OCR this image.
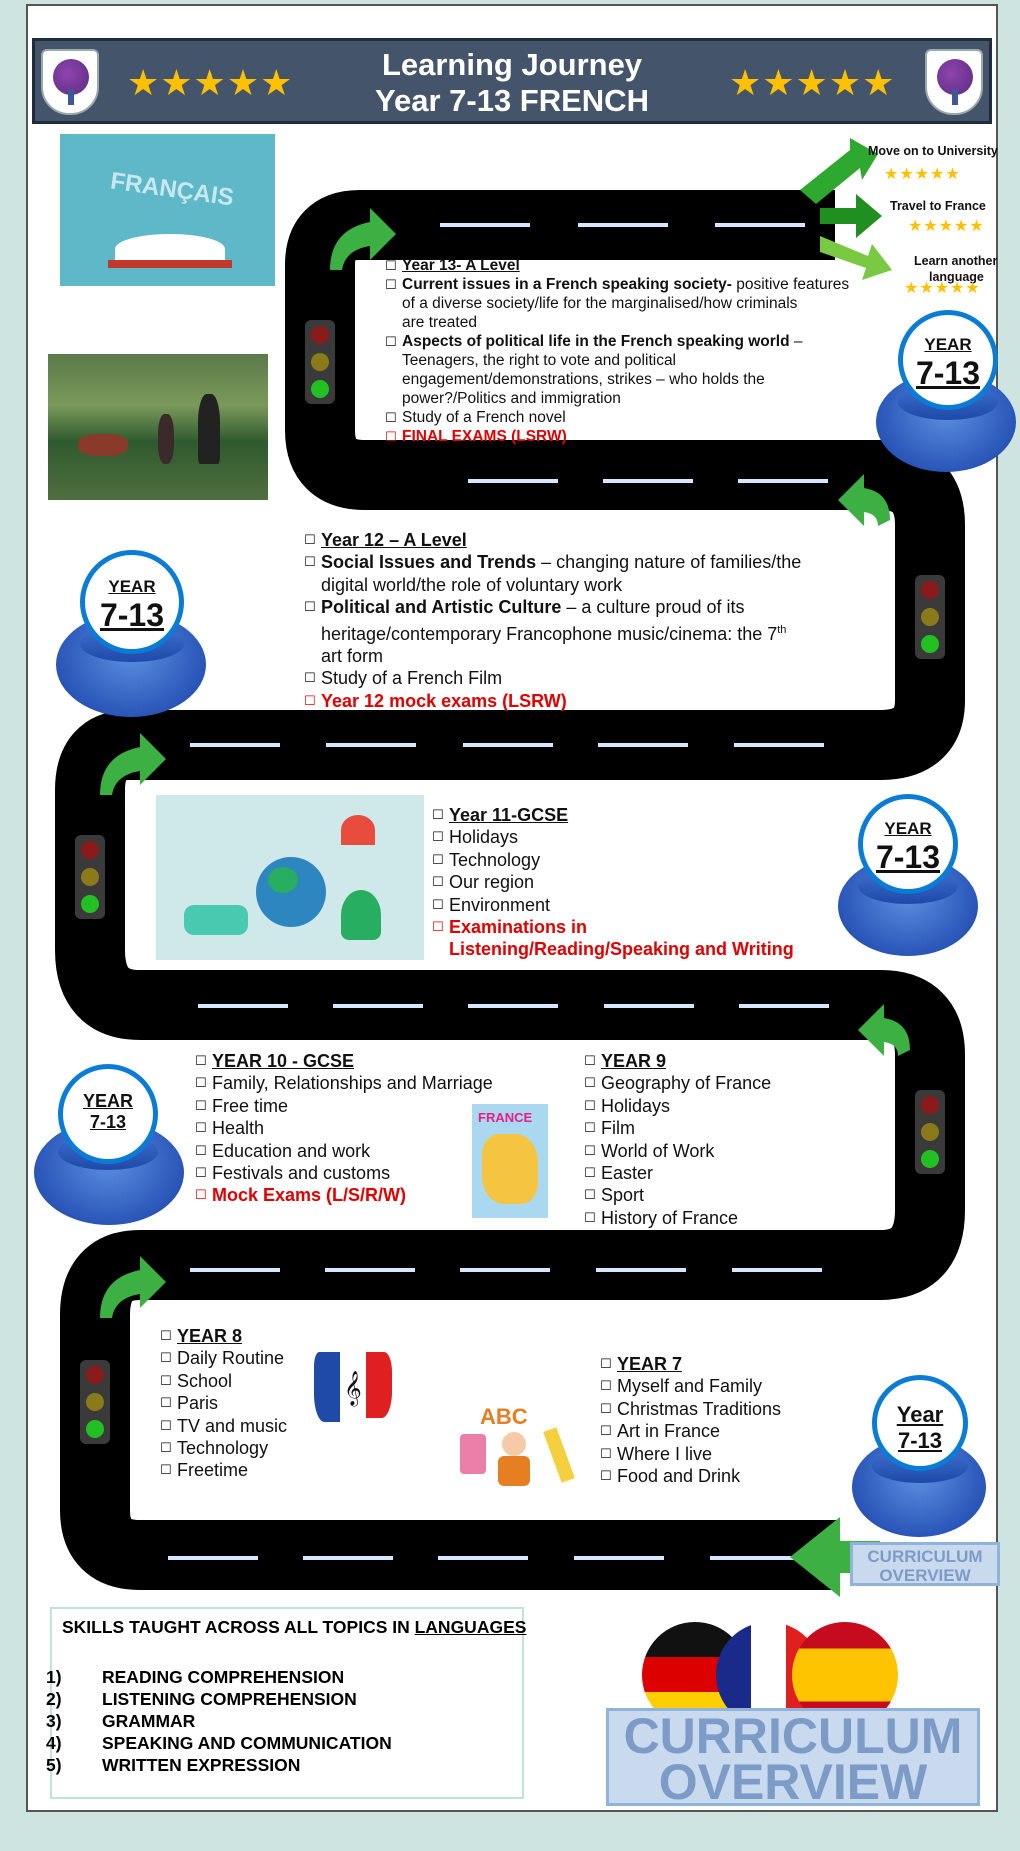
★★★★★	Learning Journey
Year 7-13 FRENCH	★★★★★
Move on to University
★★★★★
Travel to France
★★★★★
Learn another
language
★★★★★
FRANÇAIS
FRANCE
𝄞
ABC
YEAR
7-13
YEAR
7-13
YEAR
7-13
YEAR
7-13
Year
7-13
☐ Year 13- A Level
☐ Current issues in a French speaking society- positive features
of a diverse society/life for the marginalised/how criminals
are treated
☐ Aspects of political life in the French speaking world –
Teenagers, the right to vote and political
engagement/demonstrations, strikes – who holds the
power?/Politics and immigration
☐ Study of a French novel
☐ FINAL EXAMS (LSRW)
☐ Year 12 – A Level
☐ Social Issues and Trends – changing nature of families/the
digital world/the role of voluntary work
☐ Political and Artistic Culture – a culture proud of its
heritage/contemporary Francophone music/cinema: the 7th
art form
☐ Study of a French Film
☐ Year 12 mock exams (LSRW)
☐ Year 11-GCSE
☐ Holidays
☐ Technology
☐ Our region
☐ Environment
☐ Examinations in
Listening/Reading/Speaking and Writing
☐ YEAR 10 - GCSE
☐ Family, Relationships and Marriage
☐ Free time
☐ Health
☐ Education and work
☐ Festivals and customs
☐ Mock Exams (L/S/R/W)
☐ YEAR 9
☐ Geography of France
☐ Holidays
☐ Film
☐ World of Work
☐ Easter
☐ Sport
☐ History of France
☐ YEAR 8
☐ Daily Routine
☐ School
☐ Paris
☐ TV and music
☐ Technology
☐ Freetime
☐ YEAR 7
☐ Myself and Family
☐ Christmas Traditions
☐ Art in France
☐ Where I live
☐ Food and Drink
CURRICULUM
OVERVIEW
SKILLS TAUGHT ACROSS ALL TOPICS IN LANGUAGES
1) READING COMPREHENSION
2) LISTENING COMPREHENSION
3) GRAMMAR
4) SPEAKING AND COMMUNICATION
5) WRITTEN EXPRESSION
CURRICULUM
OVERVIEW
